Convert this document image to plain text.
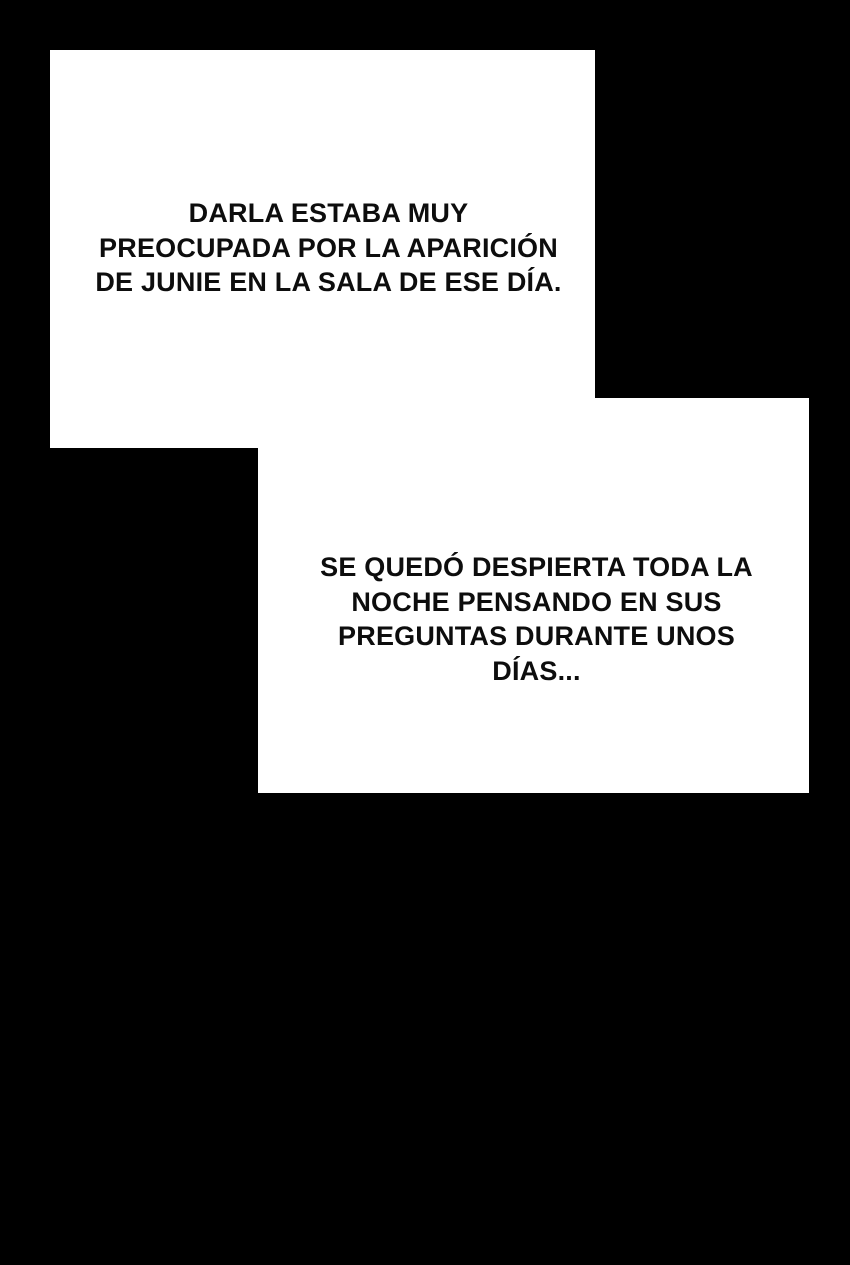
DARLA ESTABA MUY
PREOCUPADA POR LA APARICIÓN
DE JUNIE EN LA SALA DE ESE DÍA.
SE QUEDÓ DESPIERTA TODA LA
NOCHE PENSANDO EN SUS
PREGUNTAS DURANTE UNOS
DÍAS...
